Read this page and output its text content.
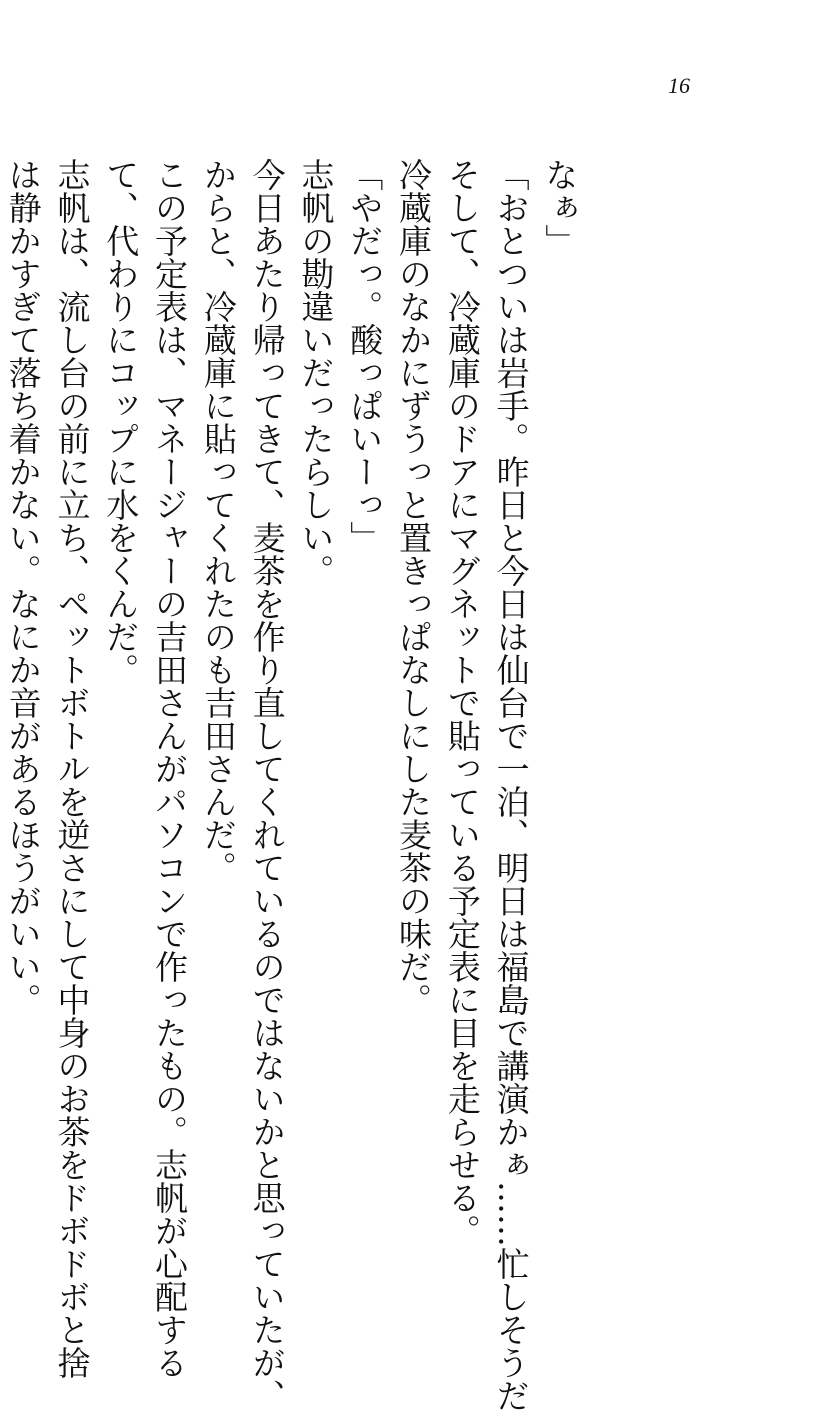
16

なぁ」
「おとついは岩手。昨日と今日は仙台で一泊、明日は福島で講演かぁ……忙しそうだ
そして、冷蔵庫のドアにマグネットで貼っている予定表に目を走らせる。
冷蔵庫のなかにずうっと置きっぱなしにした麦茶の味だ。
「やだっ。酸っぱいーっ」
志帆の勘違いだったらしい。
今日あたり帰ってきて、麦茶を作り直してくれているのではないかと思っていたが、
からと、冷蔵庫に貼ってくれたのも吉田さんだ。
この予定表は、マネージャーの吉田さんがパソコンで作ったもの。志帆が心配する
て、代わりにコップに水をくんだ。
志帆は、流し台の前に立ち、ペットボトルを逆さにして中身のお茶をドボドボと捨
は静かすぎて落ち着かない。なにか音があるほうがいい。
